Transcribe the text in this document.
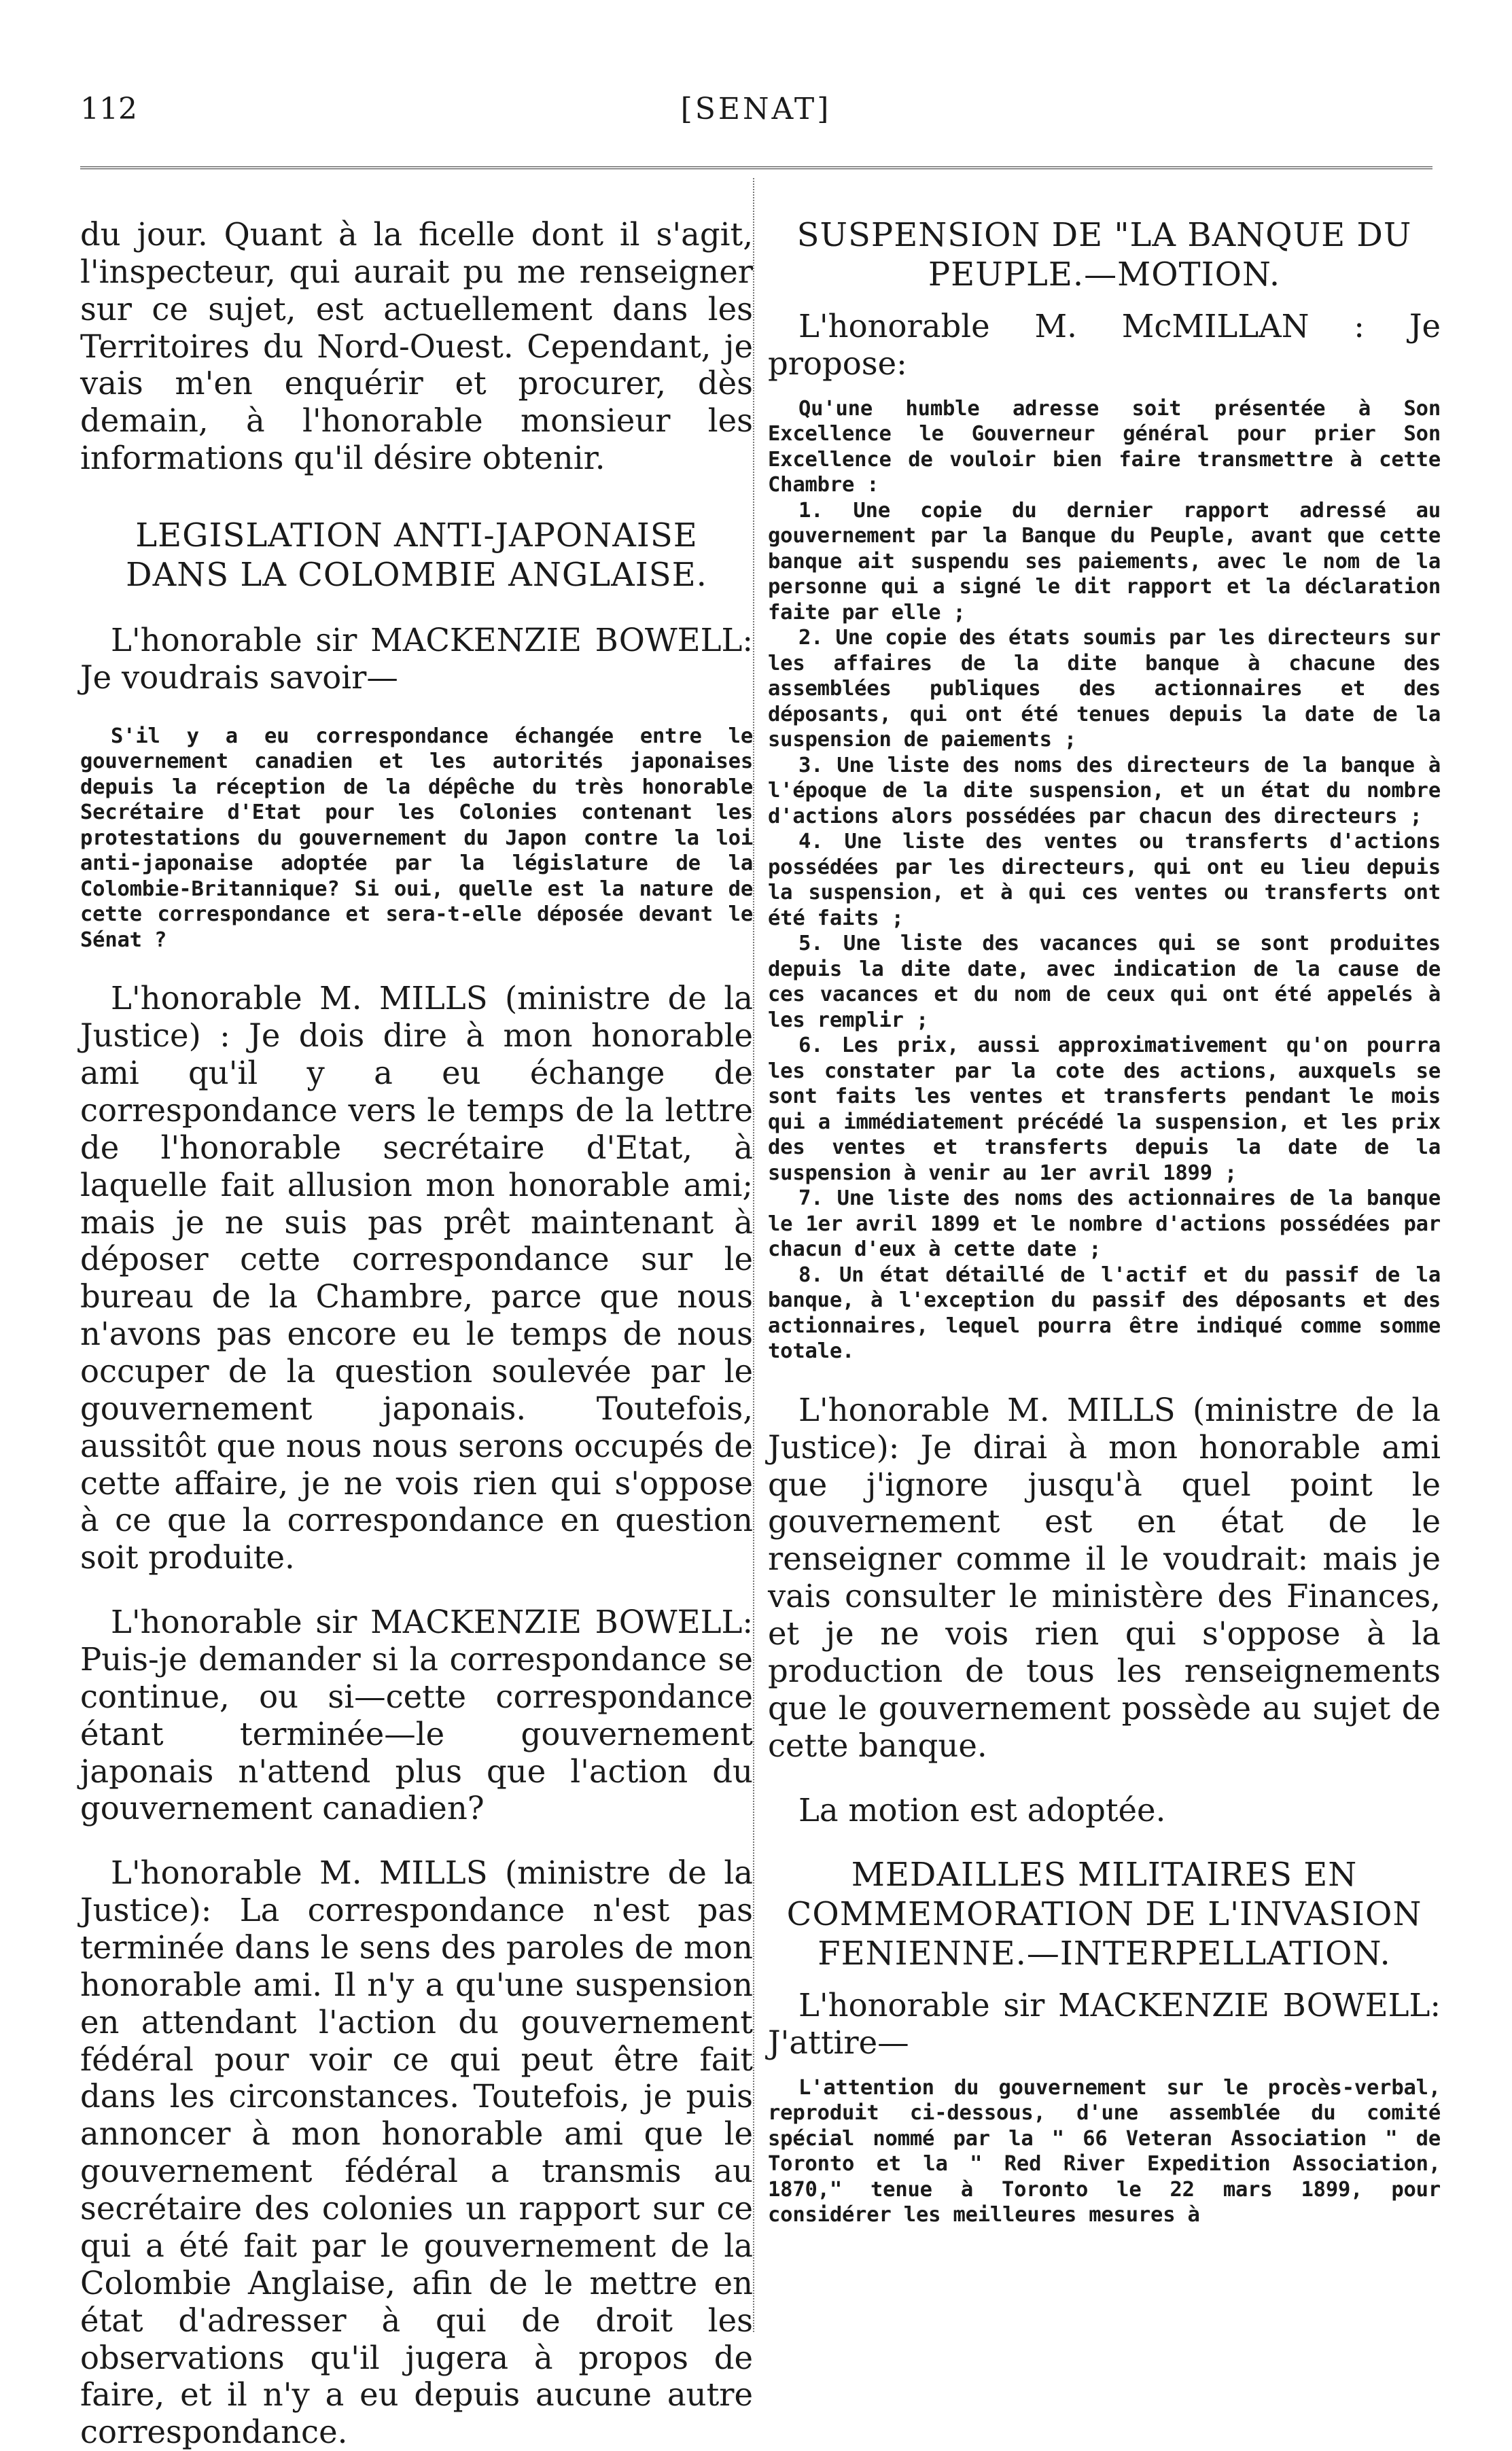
112	[SENAT]

du jour. Quant à la ficelle dont il s'agit, l'inspecteur, qui aurait pu me renseigner sur ce sujet, est actuellement dans les Territoires du Nord-Ouest. Cependant, je vais m'en enquérir et procurer, dès demain, à l'honorable monsieur les informations qu'il désire obtenir.

LEGISLATION ANTI-JAPONAISE DANS LA COLOMBIE ANGLAISE.

L'honorable sir MACKENZIE BOWELL: Je voudrais savoir—

S'il y a eu correspondance échangée entre le gouvernement canadien et les autorités japonaises depuis la réception de la dépêche du très honorable Secrétaire d'Etat pour les Colonies contenant les protestations du gouvernement du Japon contre la loi anti-japonaise adoptée par la législature de la Colombie-Britannique? Si oui, quelle est la nature de cette correspondance et sera-t-elle déposée devant le Sénat ?

L'honorable M. MILLS (ministre de la Justice) : Je dois dire à mon honorable ami qu'il y a eu échange de correspondance vers le temps de la lettre de l'honorable secrétaire d'Etat, à laquelle fait allusion mon honorable ami; mais je ne suis pas prêt maintenant à déposer cette correspondance sur le bureau de la Chambre, parce que nous n'avons pas encore eu le temps de nous occuper de la question soulevée par le gouvernement japonais. Toutefois, aussitôt que nous nous serons occupés de cette affaire, je ne vois rien qui s'oppose à ce que la correspondance en question soit produite.

L'honorable sir MACKENZIE BOWELL: Puis-je demander si la correspondance se continue, ou si—cette correspondance étant terminée—le gouvernement japonais n'attend plus que l'action du gouvernement canadien?

L'honorable M. MILLS (ministre de la Justice): La correspondance n'est pas terminée dans le sens des paroles de mon honorable ami. Il n'y a qu'une suspension en attendant l'action du gouvernement fédéral pour voir ce qui peut être fait dans les circonstances. Toutefois, je puis annoncer à mon honorable ami que le gouvernement fédéral a transmis au secrétaire des colonies un rapport sur ce qui a été fait par le gouvernement de la Colombie Anglaise, afin de le mettre en état d'adresser à qui de droit les observations qu'il jugera à propos de faire, et il n'y a eu depuis aucune autre correspondance.

SUSPENSION DE "LA BANQUE DU PEUPLE.—MOTION.

L'honorable M. McMILLAN : Je propose:

Qu'une humble adresse soit présentée à Son Excellence le Gouverneur général pour prier Son Excellence de vouloir bien faire transmettre à cette Chambre :

1. Une copie du dernier rapport adressé au gouvernement par la Banque du Peuple, avant que cette banque ait suspendu ses paiements, avec le nom de la personne qui a signé le dit rapport et la déclaration faite par elle ;

2. Une copie des états soumis par les directeurs sur les affaires de la dite banque à chacune des assemblées publiques des actionnaires et des déposants, qui ont été tenues depuis la date de la suspension de paiements ;

3. Une liste des noms des directeurs de la banque à l'époque de la dite suspension, et un état du nombre d'actions alors possédées par chacun des directeurs ;

4. Une liste des ventes ou transferts d'actions possédées par les directeurs, qui ont eu lieu depuis la suspension, et à qui ces ventes ou transferts ont été faits ;

5. Une liste des vacances qui se sont produites depuis la dite date, avec indication de la cause de ces vacances et du nom de ceux qui ont été appelés à les remplir ;

6. Les prix, aussi approximativement qu'on pourra les constater par la cote des actions, auxquels se sont faits les ventes et transferts pendant le mois qui a immédiatement précédé la suspension, et les prix des ventes et transferts depuis la date de la suspension à venir au 1er avril 1899 ;

7. Une liste des noms des actionnaires de la banque le 1er avril 1899 et le nombre d'actions possédées par chacun d'eux à cette date ;

8. Un état détaillé de l'actif et du passif de la banque, à l'exception du passif des déposants et des actionnaires, lequel pourra être indiqué comme somme totale.

L'honorable M. MILLS (ministre de la Justice): Je dirai à mon honorable ami que j'ignore jusqu'à quel point le gouvernement est en état de le renseigner comme il le voudrait: mais je vais consulter le ministère des Finances, et je ne vois rien qui s'oppose à la production de tous les renseignements que le gouvernement possède au sujet de cette banque.

La motion est adoptée.

MEDAILLES MILITAIRES EN COMMEMORATION DE L'INVASION FENIENNE.—INTERPELLATION.

L'honorable sir MACKENZIE BOWELL: J'attire—

L'attention du gouvernement sur le procès-verbal, reproduit ci-dessous, d'une assemblée du comité spécial nommé par la " 66 Veteran Association " de Toronto et la " Red River Expedition Association, 1870," tenue à Toronto le 22 mars 1899, pour considérer les meilleures mesures à
